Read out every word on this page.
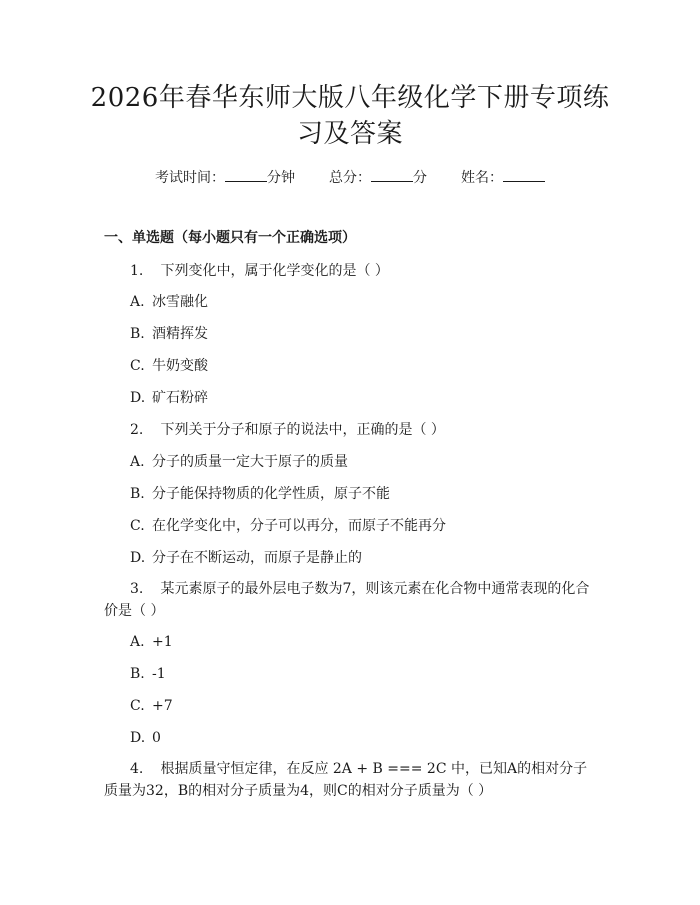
2026年春华东师大版八年级化学下册专项练习及答案
考试时间：	分钟 总分：	分 姓名：
一、单选题（每小题只有一个正确选项）

1. 下列变化中，属于化学变化的是（ ）

A. 冰雪融化
B. 酒精挥发
C. 牛奶变酸
D. 矿石粉碎

2. 下列关于分子和原子的说法中，正确的是（ ）

A. 分子的质量一定大于原子的质量
B. 分子能保持物质的化学性质，原子不能
C. 在化学变化中，分子可以再分，而原子不能再分
D. 分子在不断运动，而原子是静止的

3. 某元素原子的最外层电子数为7，则该元素在化合物中通常表现的化合价是（ ）

A. +1
B. -1
C. +7
D. 0

4. 根据质量守恒定律，在反应 2A + B === 2C 中，已知A的相对分子质量为32，B的相对分子质量为4，则C的相对分子质量为（ ）
